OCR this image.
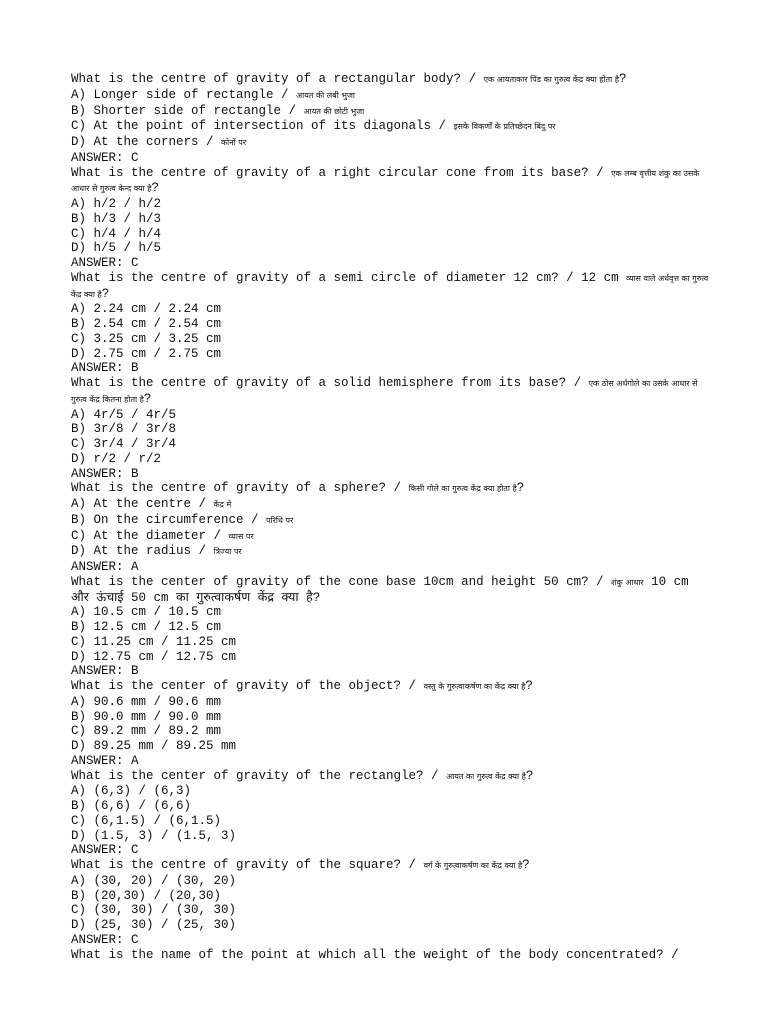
What is the centre of gravity of a rectangular body? / एक आयताकार पिंड का गुरुत्व केंद्र क्या होता है?
A) Longer side of rectangle / आयत की लंबी भुजा
B) Shorter side of rectangle / आयत की छोटी भुजा
C) At the point of intersection of its diagonals / इसके विकर्णों के प्रतिच्छेदन बिंदु पर
D) At the corners / कोनों पर
ANSWER: C
What is the centre of gravity of a right circular cone from its base? / एक लम्ब वृत्तीय शंकु का उसके आधार से गुरुत्व केन्द क्या है?
A) h/2 / h/2
B) h/3 / h/3
C) h/4 / h/4
D) h/5 / h/5
ANSWER: C
What is the centre of gravity of a semi circle of diameter 12 cm? / 12 cm व्यास वाले अर्धवृत्त का गुरुत्व केंद्र क्या है?
A) 2.24 cm / 2.24 cm
B) 2.54 cm / 2.54 cm
C) 3.25 cm / 3.25 cm
D) 2.75 cm / 2.75 cm
ANSWER: B
What is the centre of gravity of a solid hemisphere from its base? / एक ठोस अर्धगोले का उसके आधार से गुरुत्व केंद्र कितना होता है?
A) 4r/5 / 4r/5
B) 3r/8 / 3r/8
C) 3r/4 / 3r/4
D) r/2 / r/2
ANSWER: B
What is the centre of gravity of a sphere? / किसी गोले का गुरुत्व केंद्र क्या होता है?
A) At the centre / केंद्र मे
B) On the circumference / परिधि पर
C) At the diameter / व्यास पर
D) At the radius / त्रिज्या पर
ANSWER: A
What is the center of gravity of the cone base 10cm and height 50 cm? / शंकु आधार 10 cm और ऊंचाई 50 cm का गुरुत्वाकर्षण केंद्र क्या है?
A) 10.5 cm / 10.5 cm
B) 12.5 cm / 12.5 cm
C) 11.25 cm / 11.25 cm
D) 12.75 cm / 12.75 cm
ANSWER: B
What is the center of gravity of the object? / वस्तु के गुरुत्वाकर्षण का केंद्र क्या है?
A) 90.6 mm / 90.6 mm
B) 90.0 mm / 90.0 mm
C) 89.2 mm / 89.2 mm
D) 89.25 mm / 89.25 mm
ANSWER: A
What is the center of gravity of the rectangle? / आयत का गुरुत्व केंद्र क्या है?
A) (6,3) / (6,3)
B) (6,6) / (6,6)
C) (6,1.5) / (6,1.5)
D) (1.5, 3) / (1.5, 3)
ANSWER: C
What is the centre of gravity of the square? / वर्ग के गुरुत्वाकर्षण का केंद्र क्या है?
A) (30, 20) / (30, 20)
B) (20,30) / (20,30)
C) (30, 30) / (30, 30)
D) (25, 30) / (25, 30)
ANSWER: C
What is the name of the point at which all the weight of the body concentrated? /
